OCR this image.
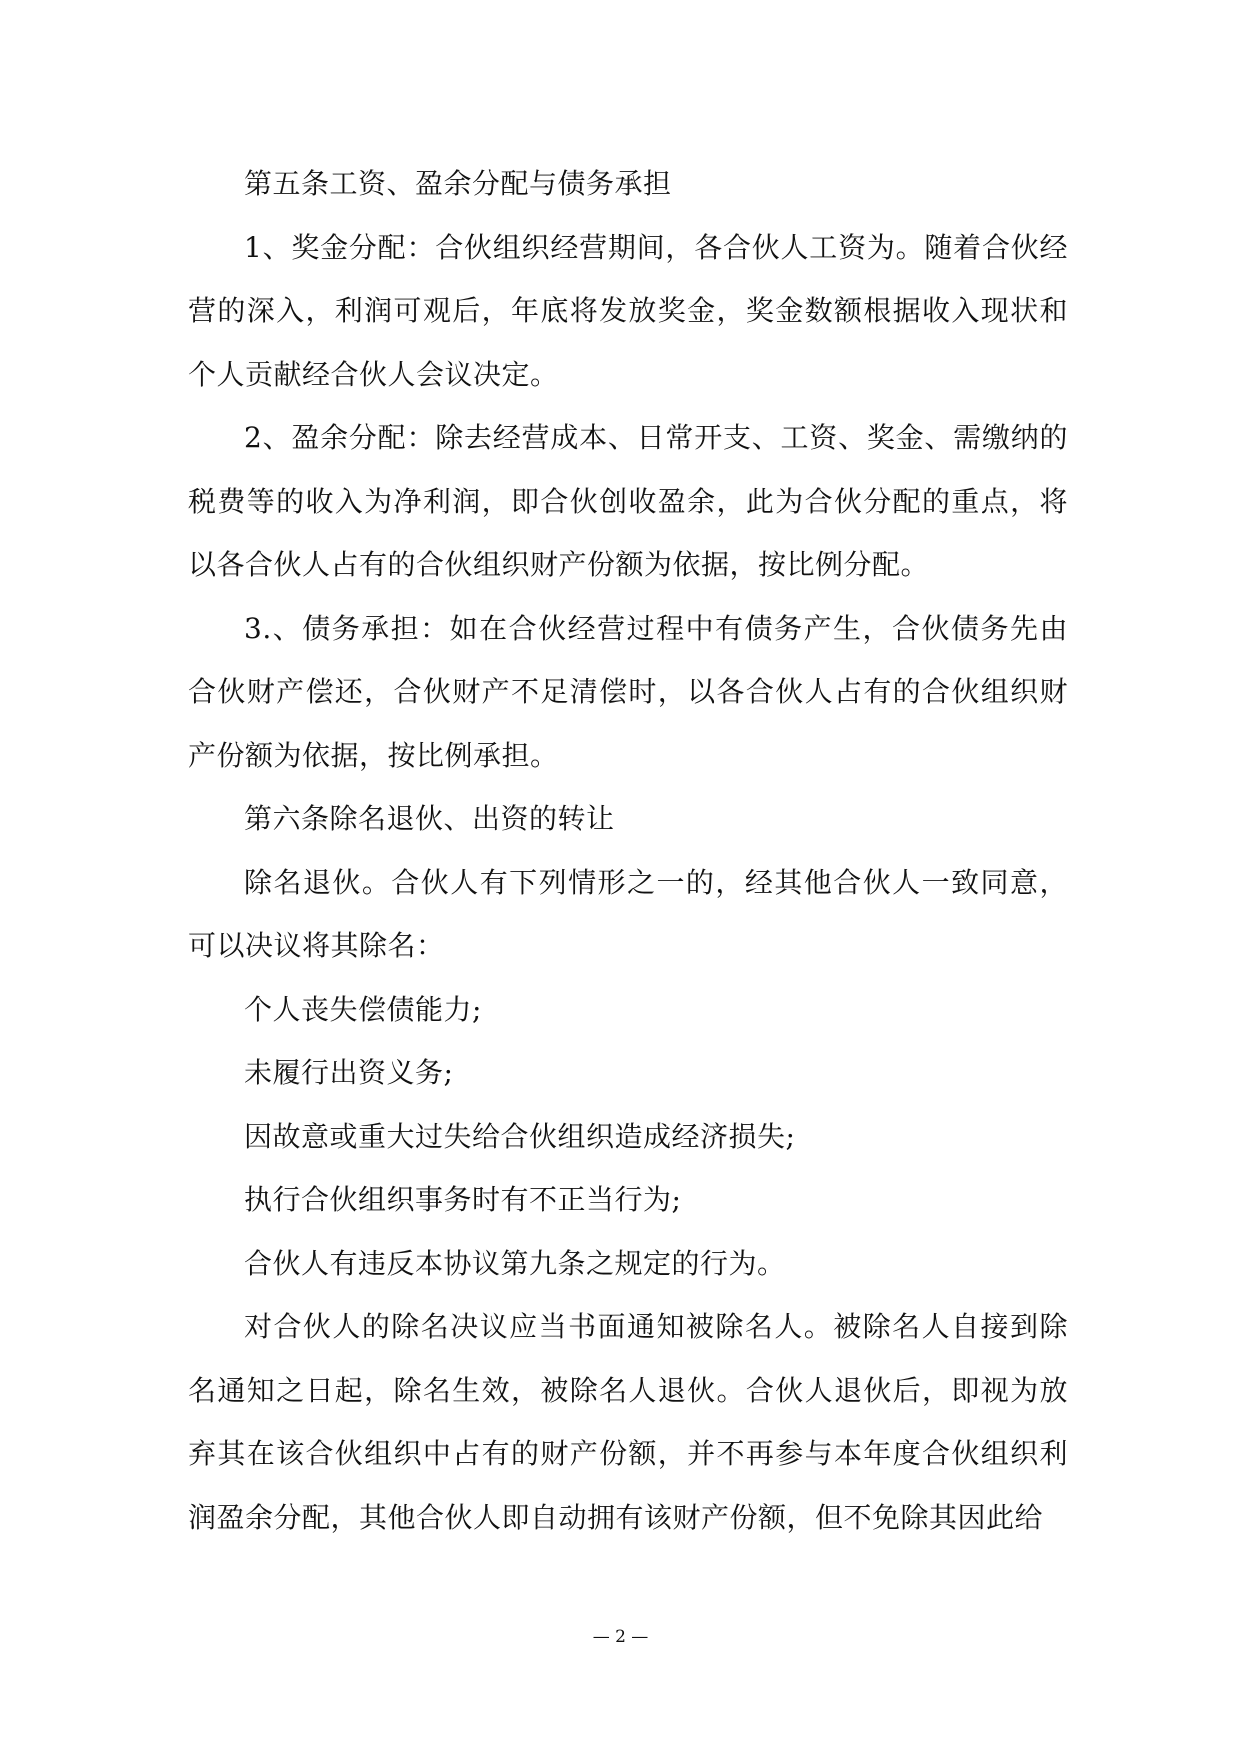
第五条工资、盈余分配与债务承担

1、奖金分配：合伙组织经营期间，各合伙人工资为。随着合伙经营的深入，利润可观后，年底将发放奖金，奖金数额根据收入现状和个人贡献经合伙人会议决定。

2、盈余分配：除去经营成本、日常开支、工资、奖金、需缴纳的税费等的收入为净利润，即合伙创收盈余，此为合伙分配的重点，将以各合伙人占有的合伙组织财产份额为依据，按比例分配。

3.、债务承担：如在合伙经营过程中有债务产生，合伙债务先由合伙财产偿还，合伙财产不足清偿时，以各合伙人占有的合伙组织财产份额为依据，按比例承担。

第六条除名退伙、出资的转让

除名退伙。合伙人有下列情形之一的，经其他合伙人一致同意，可以决议将其除名：

个人丧失偿债能力;

未履行出资义务;

因故意或重大过失给合伙组织造成经济损失;

执行合伙组织事务时有不正当行为;

合伙人有违反本协议第九条之规定的行为。

对合伙人的除名决议应当书面通知被除名人。被除名人自接到除名通知之日起，除名生效，被除名人退伙。合伙人退伙后，即视为放弃其在该合伙组织中占有的财产份额，并不再参与本年度合伙组织利润盈余分配，其他合伙人即自动拥有该财产份额，但不免除其因此给

— 2 —
